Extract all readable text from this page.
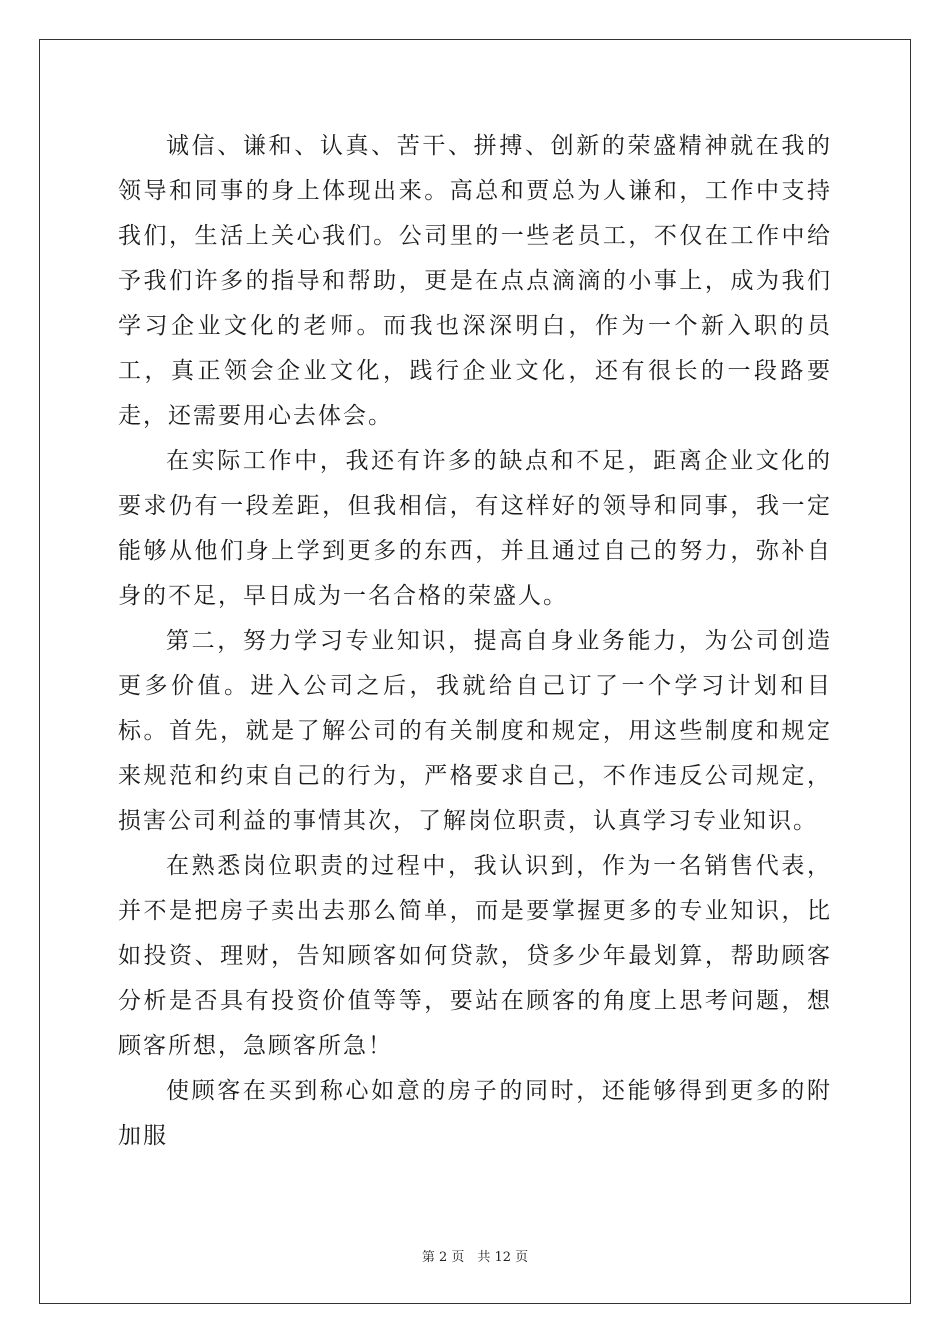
诚信、谦和、认真、苦干、拼搏、创新的荣盛精神就在我的领导和同事的身上体现出来。高总和贾总为人谦和，工作中支持我们，生活上关心我们。公司里的一些老员工，不仅在工作中给予我们许多的指导和帮助，更是在点点滴滴的小事上，成为我们学习企业文化的老师。而我也深深明白，作为一个新入职的员工，真正领会企业文化，践行企业文化，还有很长的一段路要走，还需要用心去体会。

在实际工作中，我还有许多的缺点和不足，距离企业文化的要求仍有一段差距，但我相信，有这样好的领导和同事，我一定能够从他们身上学到更多的东西，并且通过自己的努力，弥补自身的不足，早日成为一名合格的荣盛人。

第二，努力学习专业知识，提高自身业务能力，为公司创造更多价值。进入公司之后，我就给自己订了一个学习计划和目标。首先，就是了解公司的有关制度和规定，用这些制度和规定来规范和约束自己的行为，严格要求自己，不作违反公司规定，损害公司利益的事情其次，了解岗位职责，认真学习专业知识。

在熟悉岗位职责的过程中，我认识到，作为一名销售代表，并不是把房子卖出去那么简单，而是要掌握更多的专业知识，比如投资、理财，告知顾客如何贷款，贷多少年最划算，帮助顾客分析是否具有投资价值等等，要站在顾客的角度上思考问题，想顾客所想，急顾客所急！

使顾客在买到称心如意的房子的同时，还能够得到更多的附加服

第 2 页　共 12 页
